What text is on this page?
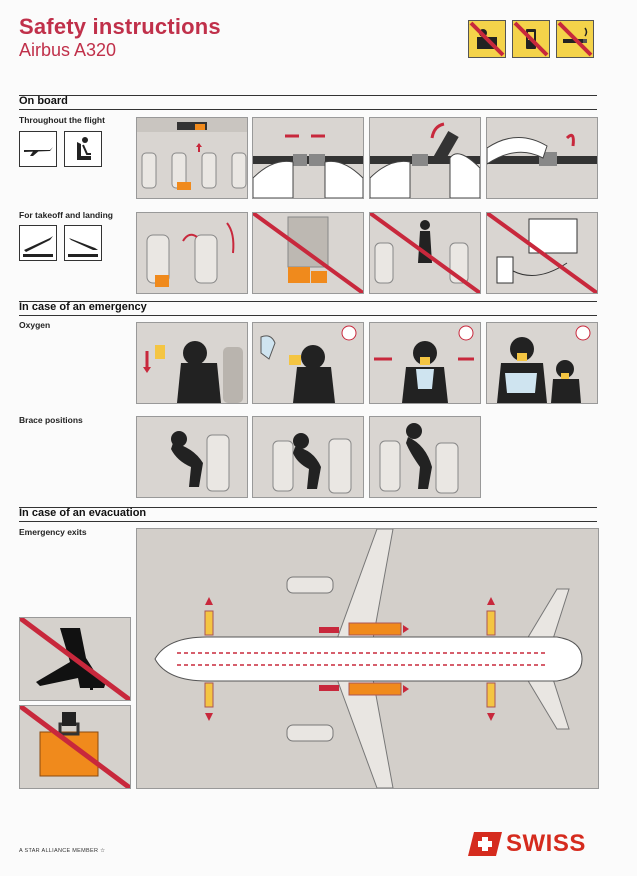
Safety instructions
Airbus A320
On board
Throughout the flight
For takeoff and landing
In case of an emergency
Oxygen
Brace positions
In case of an evacuation
Emergency exits
A STAR ALLIANCE MEMBER ☆	SWISS
